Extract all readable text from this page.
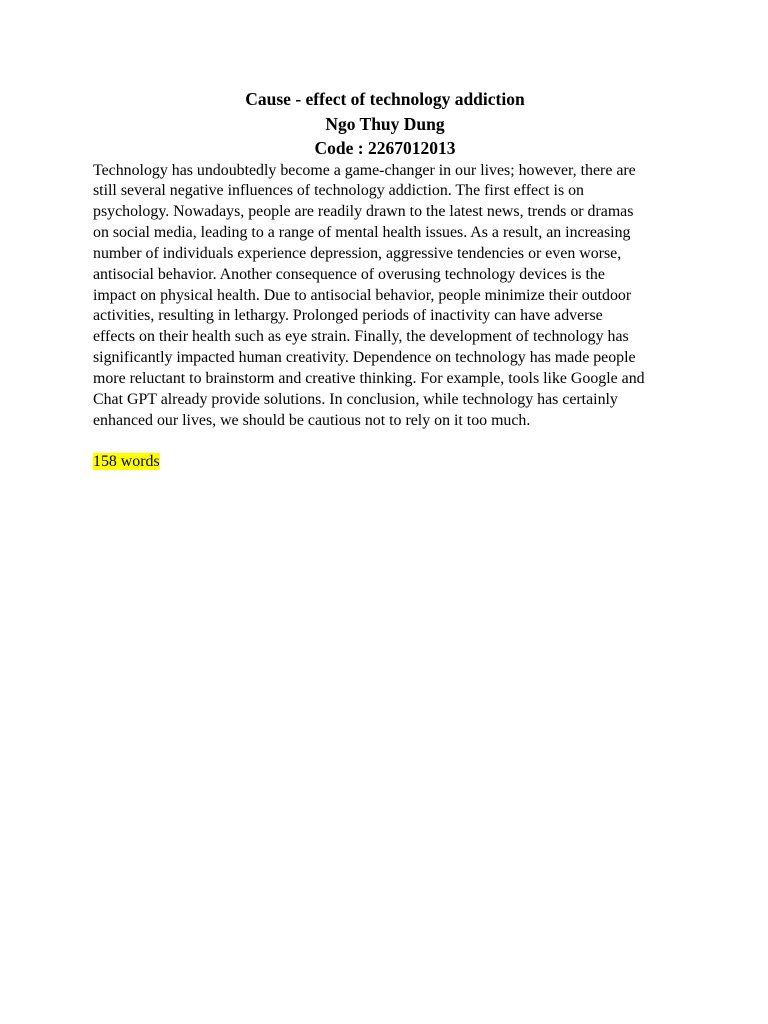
Cause - effect of technology addiction

Ngo Thuy Dung

Code : 2267012013

Technology has undoubtedly become a game-changer in our lives; however, there are

still several negative influences of technology addiction. The first effect is on

psychology. Nowadays, people are readily drawn to the latest news, trends or dramas

on social media, leading to a range of mental health issues. As a result, an increasing

number of individuals experience depression, aggressive tendencies or even worse,

antisocial behavior. Another consequence of overusing technology devices is the

impact on physical health. Due to antisocial behavior, people minimize their outdoor

activities, resulting in lethargy. Prolonged periods of inactivity can have adverse

effects on their health such as eye strain. Finally, the development of technology has

significantly impacted human creativity. Dependence on technology has made people

more reluctant to brainstorm and creative thinking. For example, tools like Google and

Chat GPT already provide solutions. In conclusion, while technology has certainly

enhanced our lives, we should be cautious not to rely on it too much.

158 words
